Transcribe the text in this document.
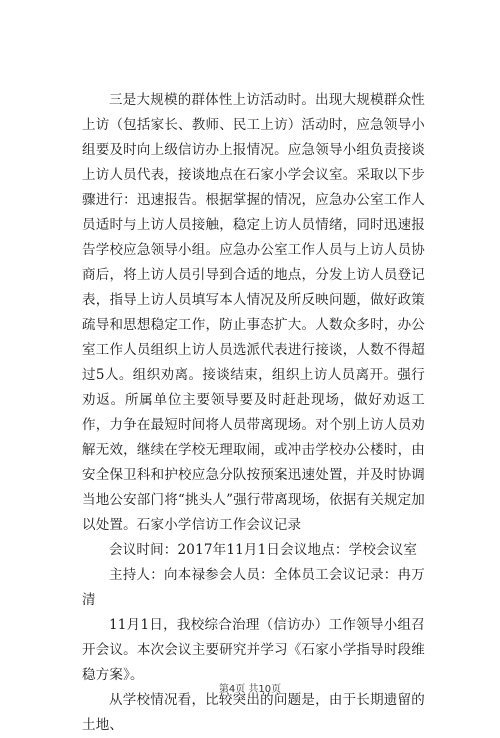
三是大规模的群体性上访活动时。出现大规模群众性上访（包括家长、教师、民工上访）活动时，应急领导小组要及时向上级信访办上报情况。应急领导小组负责接谈上访人员代表，接谈地点在石家小学会议室。采取以下步骤进行：迅速报告。根据掌握的情况，应急办公室工作人员适时与上访人员接触，稳定上访人员情绪，同时迅速报告学校应急领导小组。应急办公室工作人员与上访人员协商后，将上访人员引导到合适的地点，分发上访人员登记表，指导上访人员填写本人情况及所反映问题，做好政策疏导和思想稳定工作，防止事态扩大。人数众多时，办公室工作人员组织上访人员选派代表进行接谈，人数不得超过5人。组织劝离。接谈结束，组织上访人员离开。强行劝返。所属单位主要领导要及时赶赴现场，做好劝返工作，力争在最短时间将人员带离现场。对个别上访人员劝解无效，继续在学校无理取闹，或冲击学校办公楼时，由安全保卫科和护校应急分队按预案迅速处置，并及时协调当地公安部门将“挑头人”强行带离现场，依据有关规定加以处置。石家小学信访工作会议记录

会议时间：2017年11月1日会议地点：学校会议室

主持人：向本禄参会人员：全体员工会议记录：冉万清

11月1日，我校综合治理（信访办）工作领导小组召开会议。本次会议主要研究并学习《石家小学指导时段维稳方案》。

从学校情况看，比较突出的问题是，由于长期遗留的土地、

第4页 共10页
